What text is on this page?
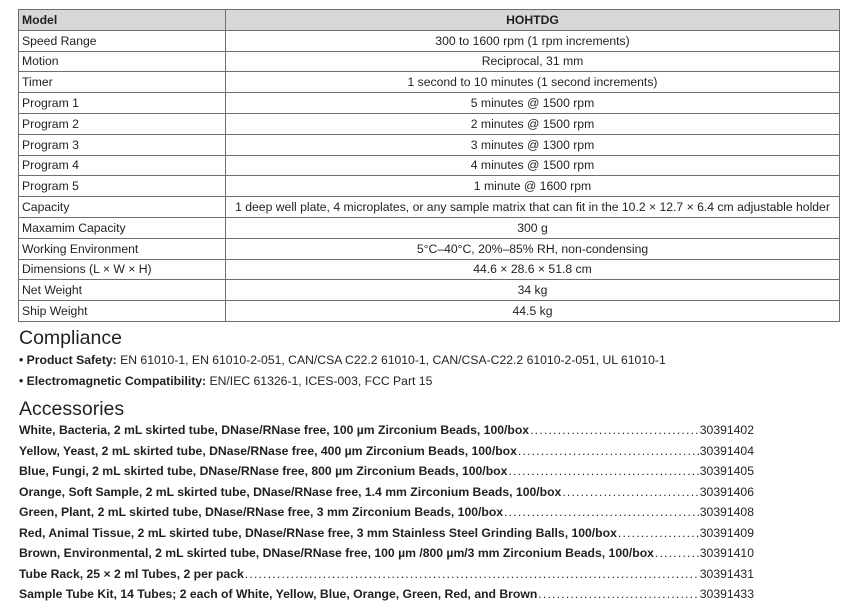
Model	HOHTDG
Speed Range	300 to 1600 rpm (1 rpm increments)
Motion	Reciprocal, 31 mm
Timer	1 second to 10 minutes (1 second increments)
Program 1	5 minutes @ 1500 rpm
Program 2	2 minutes @ 1500 rpm
Program 3	3 minutes @ 1300 rpm
Program 4	4 minutes @ 1500 rpm
Program 5	1 minute @ 1600 rpm
Capacity	1 deep well plate, 4 microplates, or any sample matrix that can fit in the 10.2 × 12.7 × 6.4 cm adjustable holder
Maxamim Capacity	300 g
Working Environment	5°C–40°C, 20%–85% RH, non-condensing
Dimensions (L × W × H)	44.6 × 28.6 × 51.8 cm
Net Weight	34 kg
Ship Weight	44.5 kg
Compliance
• Product Safety: EN 61010-1, EN 61010-2-051, CAN/CSA C22.2 61010-1, CAN/CSA-C22.2 61010-2-051, UL 61010-1
• Electromagnetic Compatibility: EN/IEC 61326-1, ICES-003, FCC Part 15
Accessories
White, Bacteria, 2 mL skirted tube, DNase/RNase free, 100 µm Zirconium Beads, 100/box .....	30391402
Yellow, Yeast, 2 mL skirted tube, DNase/RNase free, 400 µm Zirconium Beads, 100/box .....	30391404
Blue, Fungi, 2 mL skirted tube, DNase/RNase free, 800 µm Zirconium Beads, 100/box .....	30391405
Orange, Soft Sample, 2 mL skirted tube, DNase/RNase free, 1.4 mm Zirconium Beads, 100/box .....	30391406
Green, Plant, 2 mL skirted tube, DNase/RNase free, 3 mm Zirconium Beads, 100/box .....	30391408
Red, Animal Tissue, 2 mL skirted tube, DNase/RNase free, 3 mm Stainless Steel Grinding Balls, 100/box .....	30391409
Brown, Environmental, 2 mL skirted tube, DNase/RNase free, 100 µm /800 µm/3 mm Zirconium Beads, 100/box .....	30391410
Tube Rack, 25 × 2 ml Tubes, 2 per pack .....	30391431
Sample Tube Kit, 14 Tubes; 2 each of White, Yellow, Blue, Orange, Green, Red, and Brown .....	30391433
